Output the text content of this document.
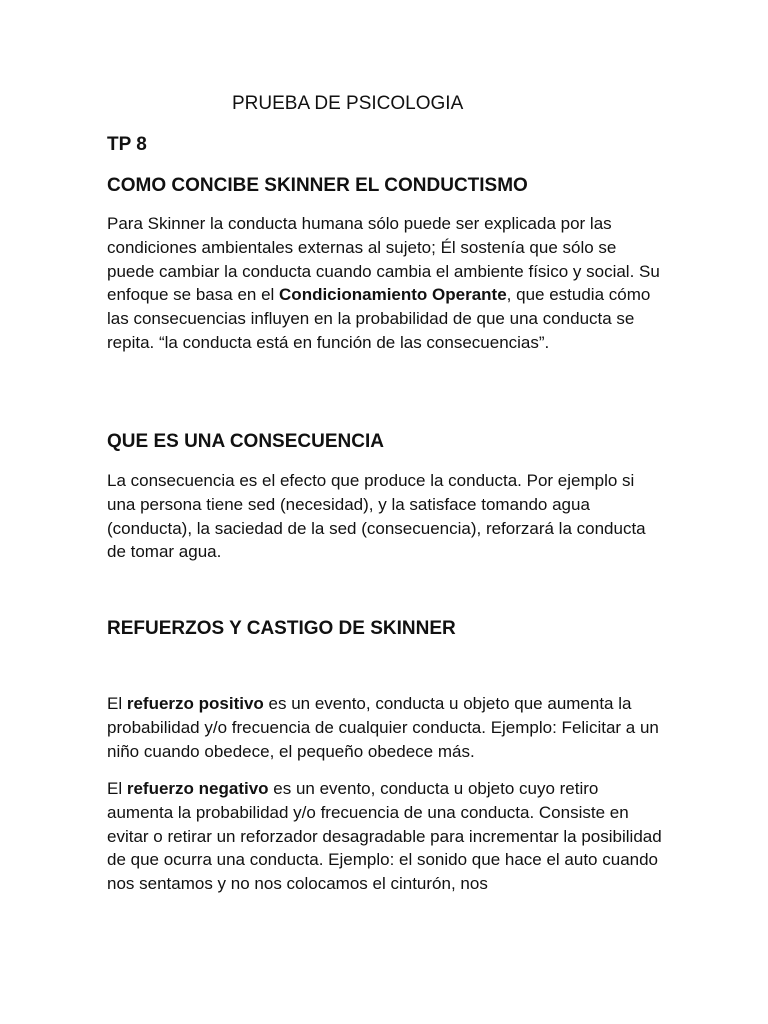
PRUEBA DE PSICOLOGIA
TP 8
COMO CONCIBE SKINNER EL CONDUCTISMO

Para Skinner la conducta humana sólo puede ser explicada por las condiciones ambientales externas al sujeto; Él sostenía que sólo se puede cambiar la conducta cuando cambia el ambiente físico y social. Su enfoque se basa en el Condicionamiento Operante, que estudia cómo las consecuencias influyen en la probabilidad de que una conducta se repita. “la conducta está en función de las consecuencias”.

QUE ES UNA CONSECUENCIA

La consecuencia es el efecto que produce la conducta. Por ejemplo si una persona tiene sed (necesidad), y la satisface tomando agua (conducta), la saciedad de la sed (consecuencia), reforzará la conducta de tomar agua.

REFUERZOS Y CASTIGO DE SKINNER

El refuerzo positivo es un evento, conducta u objeto que aumenta la probabilidad y/o frecuencia de cualquier conducta. Ejemplo: Felicitar a un niño cuando obedece, el pequeño obedece más.

El refuerzo negativo es un evento, conducta u objeto cuyo retiro aumenta la probabilidad y/o frecuencia de una conducta. Consiste en evitar o retirar un reforzador desagradable para incrementar la posibilidad de que ocurra una conducta. Ejemplo: el sonido que hace el auto cuando nos sentamos y no nos colocamos el cinturón, nos
